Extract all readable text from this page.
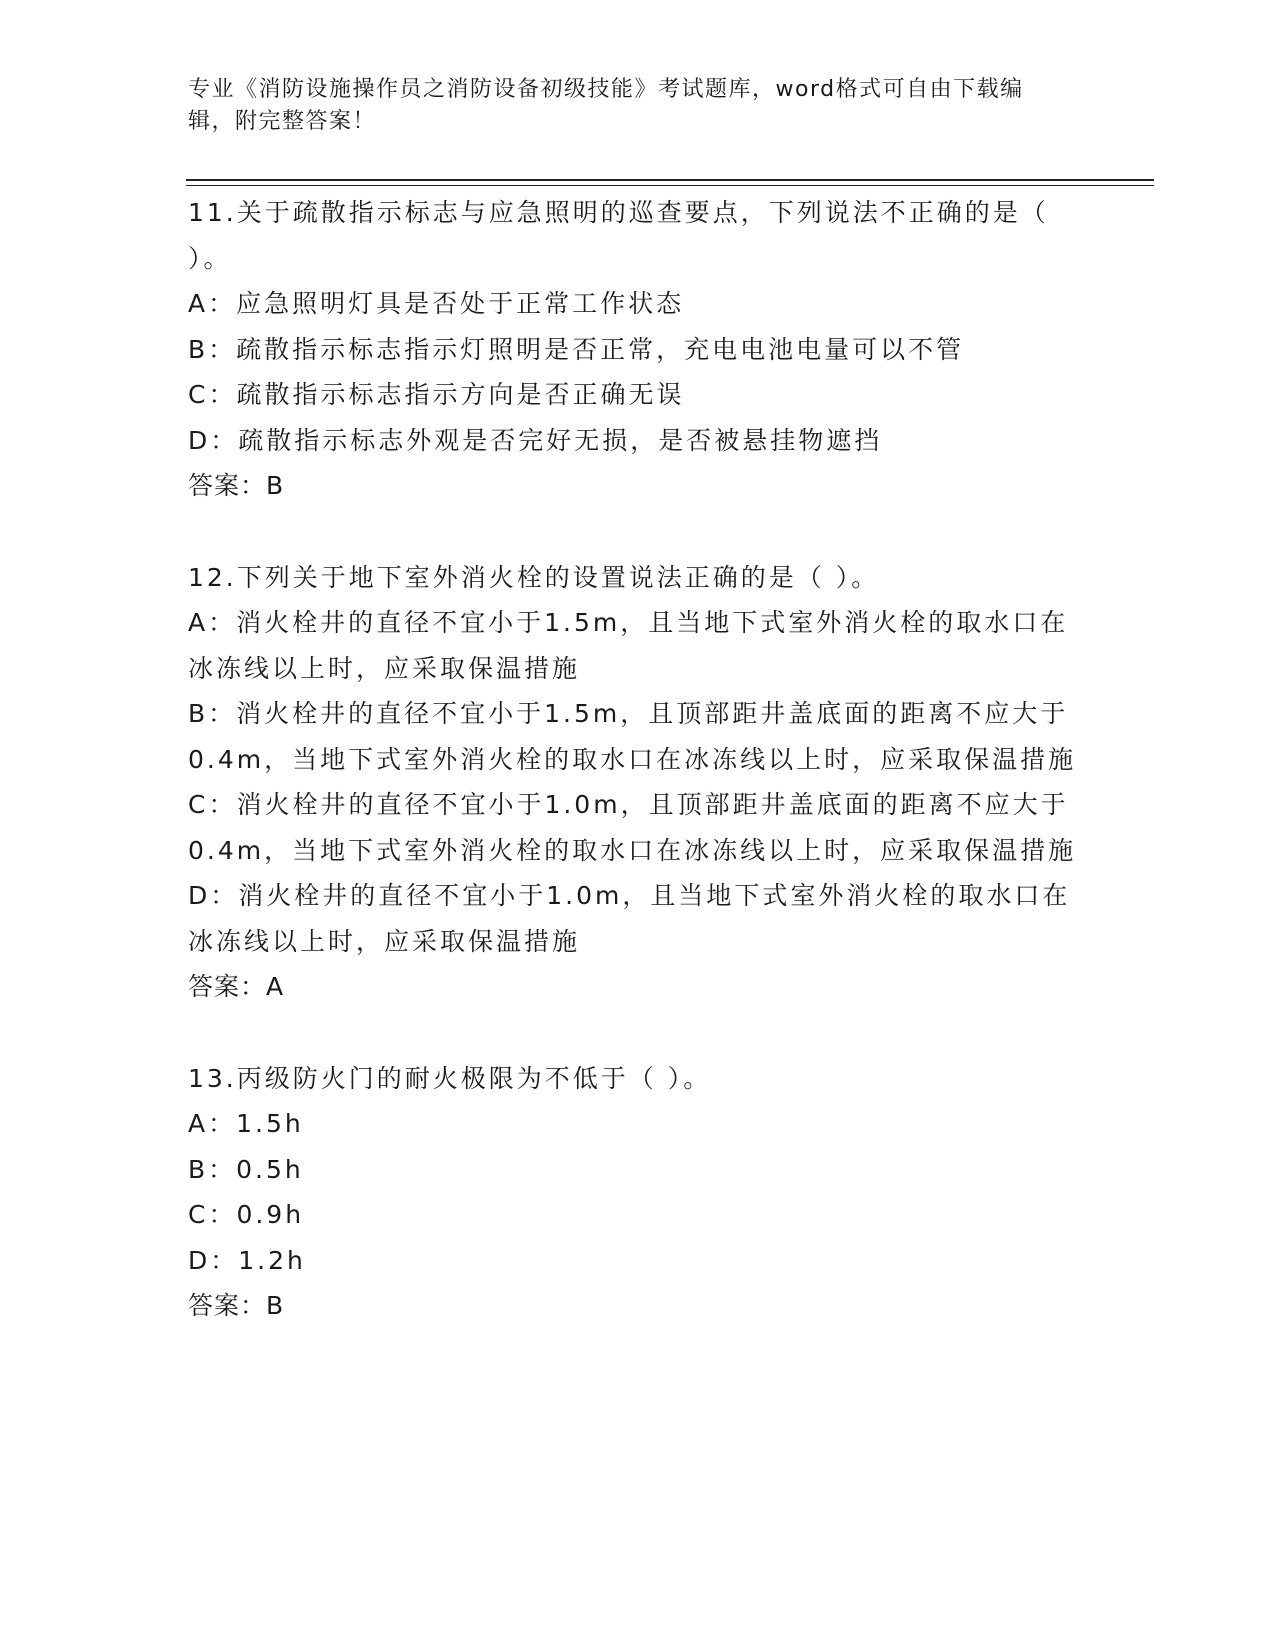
专业《消防设施操作员之消防设备初级技能》考试题库，word格式可自由下载编辑，附完整答案！
11.关于疏散指示标志与应急照明的巡查要点，下列说法不正确的是（ ）。
A：应急照明灯具是否处于正常工作状态
B：疏散指示标志指示灯照明是否正常，充电电池电量可以不管
C：疏散指示标志指示方向是否正确无误
D：疏散指示标志外观是否完好无损，是否被悬挂物遮挡
答案：B
12.下列关于地下室外消火栓的设置说法正确的是（ ）。
A：消火栓井的直径不宜小于1.5m，且当地下式室外消火栓的取水口在冰冻线以上时，应采取保温措施
B：消火栓井的直径不宜小于1.5m，且顶部距井盖底面的距离不应大于0.4m，当地下式室外消火栓的取水口在冰冻线以上时，应采取保温措施
C：消火栓井的直径不宜小于1.0m，且顶部距井盖底面的距离不应大于0.4m，当地下式室外消火栓的取水口在冰冻线以上时，应采取保温措施
D：消火栓井的直径不宜小于1.0m，且当地下式室外消火栓的取水口在冰冻线以上时，应采取保温措施
答案：A
13.丙级防火门的耐火极限为不低于（ ）。
A：1.5h
B：0.5h
C：0.9h
D：1.2h
答案：B
